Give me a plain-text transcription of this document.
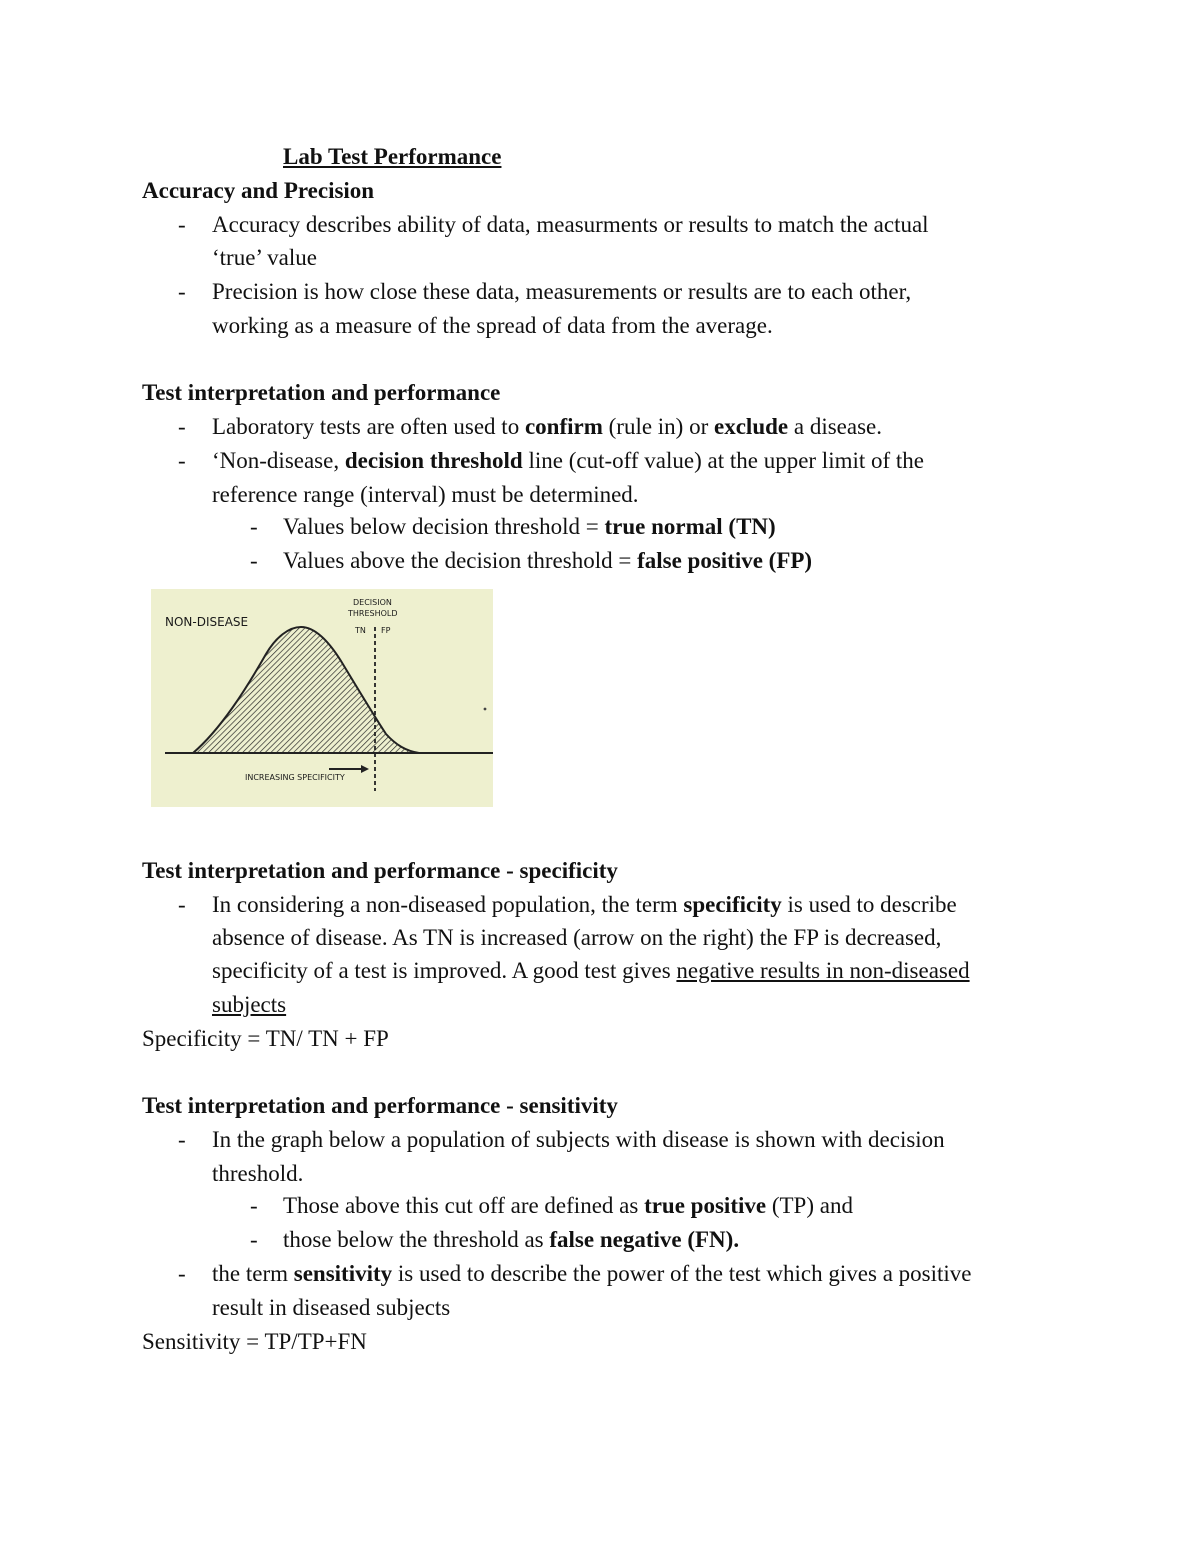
Lab Test Performance
Accuracy and Precision
- Accuracy describes ability of data, measurments or results to match the actual
‘true’ value
- Precision is how close these data, measurements or results are to each other,
working as a measure of the spread of data from the average.
Test interpretation and performance
- Laboratory tests are often used to confirm (rule in) or exclude a disease.
- ‘Non-disease, decision threshold line (cut-off value) at the upper limit of the
reference range (interval) must be determined.
- Values below decision threshold = true normal (TN)
- Values above the decision threshold = false positive (FP)
NON-DISEASE
DECISION
THRESHOLD
TN FP
INCREASING SPECIFICITY
Test interpretation and performance - specificity
- In considering a non-diseased population, the term specificity is used to describe
absence of disease. As TN is increased (arrow on the right) the FP is decreased,
specificity of a test is improved. A good test gives negative results in non-diseased
subjects
Specificity = TN/ TN + FP
Test interpretation and performance - sensitivity
- In the graph below a population of subjects with disease is shown with decision
threshold.
- Those above this cut off are defined as true positive (TP) and
- those below the threshold as false negative (FN).
- the term sensitivity is used to describe the power of the test which gives a positive
result in diseased subjects
Sensitivity = TP/TP+FN
